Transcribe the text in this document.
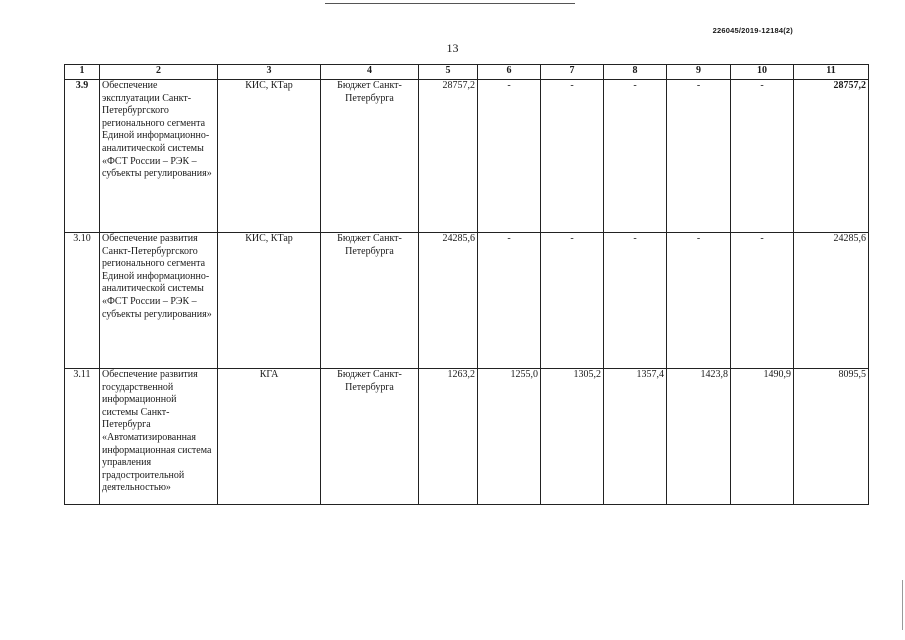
226045/2019-12184(2)
13
1	2	3	4	5	6	7	8	9	10	11
3.9	Обеспечение эксплуатации Санкт-Петербургского регионального сегмента Единой информационно-аналитической системы «ФСТ России – РЭК – субъекты регулирования»	КИС, КТар	Бюджет Санкт-Петербурга	28757,2	-	-	-	-	-	28757,2
3.10	Обеспечение развития Санкт-Петербургского регионального сегмента Единой информационно-аналитической системы «ФСТ России – РЭК – субъекты регулирования»	КИС, КТар	Бюджет Санкт-Петербурга	24285,6	-	-	-	-	-	24285,6
3.11	Обеспечение развития государственной информационной системы Санкт-Петербурга «Автоматизированная информационная система управления градостроительной деятельностью»	КГА	Бюджет Санкт-Петербурга	1263,2	1255,0	1305,2	1357,4	1423,8	1490,9	8095,5
